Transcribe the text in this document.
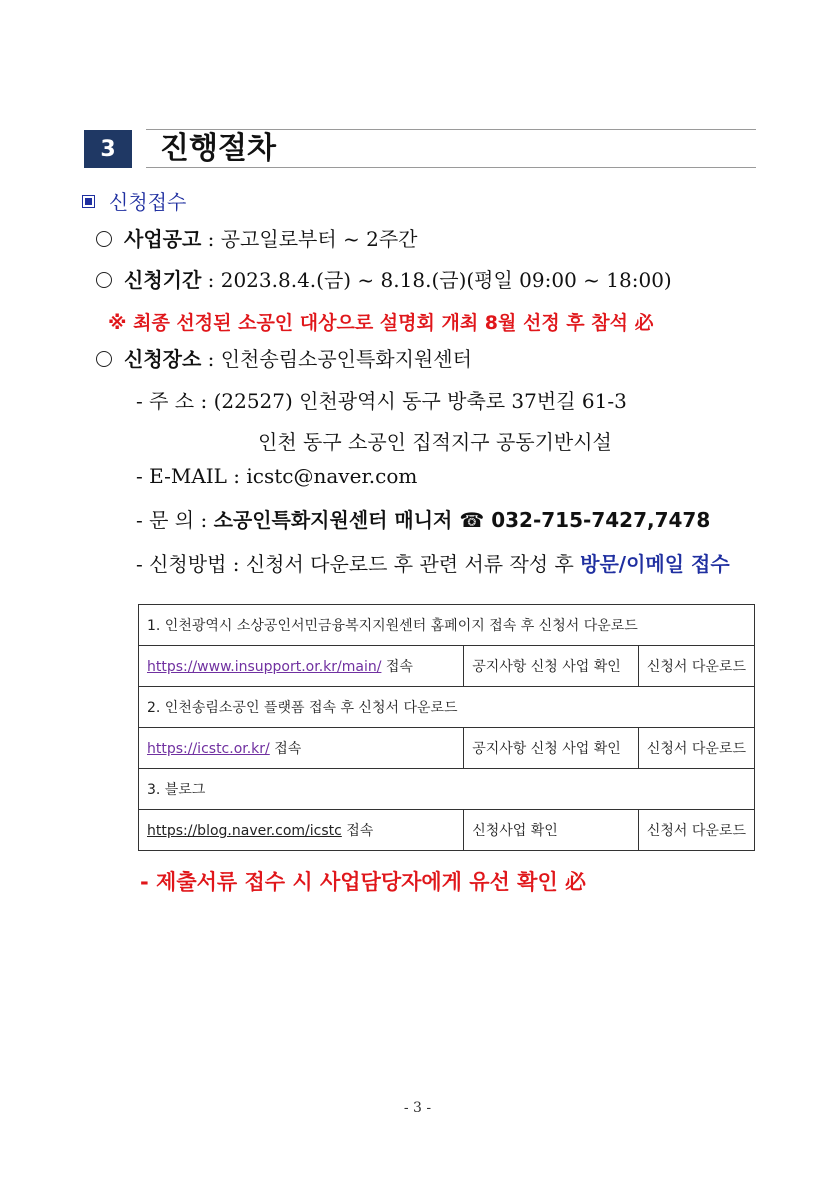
3	진행절차
신청접수
사업공고 : 공고일로부터 ~ 2주간
신청기간 : 2023.8.4.(금) ~ 8.18.(금)(평일 09:00 ~ 18:00)
※ 최종 선정된 소공인 대상으로 설명회 개최 8월 선정 후 참석 必
신청장소 : 인천송림소공인특화지원센터
- 주 소 : (22527) 인천광역시 동구 방축로 37번길 61-3
인천 동구 소공인 집적지구 공동기반시설
- E-MAIL : icstc@naver.com
- 문 의 : 소공인특화지원센터 매니저 ☎ 032-715-7427,7478
- 신청방법 : 신청서 다운로드 후 관련 서류 작성 후 방문/이메일 접수
1. 인천광역시 소상공인서민금융복지지원센터 홈페이지 접속 후 신청서 다운로드		
https://www.insupport.or.kr/main/ 접속	공지사항 신청 사업 확인	신청서 다운로드
2. 인천송림소공인 플랫폼 접속 후 신청서 다운로드		
https://icstc.or.kr/ 접속	공지사항 신청 사업 확인	신청서 다운로드
3. 블로그		
https://blog.naver.com/icstc 접속	신청사업 확인	신청서 다운로드
- 제출서류 접수 시 사업담당자에게 유선 확인 必
- 3 -
